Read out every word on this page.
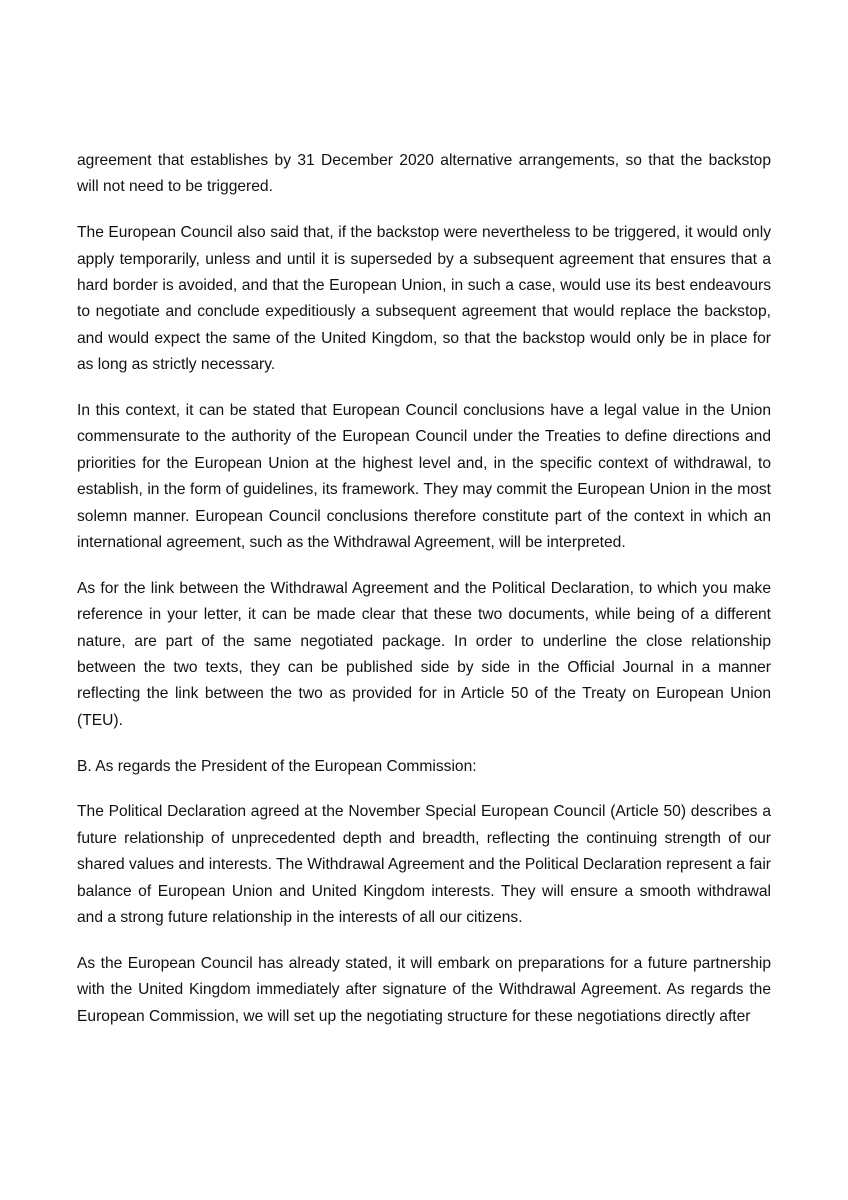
agreement that establishes by 31 December 2020 alternative arrangements, so that the backstop will not need to be triggered.

The European Council also said that, if the backstop were nevertheless to be triggered, it would only apply temporarily, unless and until it is superseded by a subsequent agreement that ensures that a hard border is avoided, and that the European Union, in such a case, would use its best endeavours to negotiate and conclude expeditiously a subsequent agreement that would replace the backstop, and would expect the same of the United Kingdom, so that the backstop would only be in place for as long as strictly necessary.

In this context, it can be stated that European Council conclusions have a legal value in the Union commensurate to the authority of the European Council under the Treaties to define directions and priorities for the European Union at the highest level and, in the specific context of withdrawal, to establish, in the form of guidelines, its framework. They may commit the European Union in the most solemn manner. European Council conclusions therefore constitute part of the context in which an international agreement, such as the Withdrawal Agreement, will be interpreted.

As for the link between the Withdrawal Agreement and the Political Declaration, to which you make reference in your letter, it can be made clear that these two documents, while being of a different nature, are part of the same negotiated package. In order to underline the close relationship between the two texts, they can be published side by side in the Official Journal in a manner reflecting the link between the two as provided for in Article 50 of the Treaty on European Union (TEU).

B. As regards the President of the European Commission:

The Political Declaration agreed at the November Special European Council (Article 50) describes a future relationship of unprecedented depth and breadth, reflecting the continuing strength of our shared values and interests. The Withdrawal Agreement and the Political Declaration represent a fair balance of European Union and United Kingdom interests. They will ensure a smooth withdrawal and a strong future relationship in the interests of all our citizens.

As the European Council has already stated, it will embark on preparations for a future partnership with the United Kingdom immediately after signature of the Withdrawal Agreement. As regards the European Commission, we will set up the negotiating structure for these negotiations directly after
